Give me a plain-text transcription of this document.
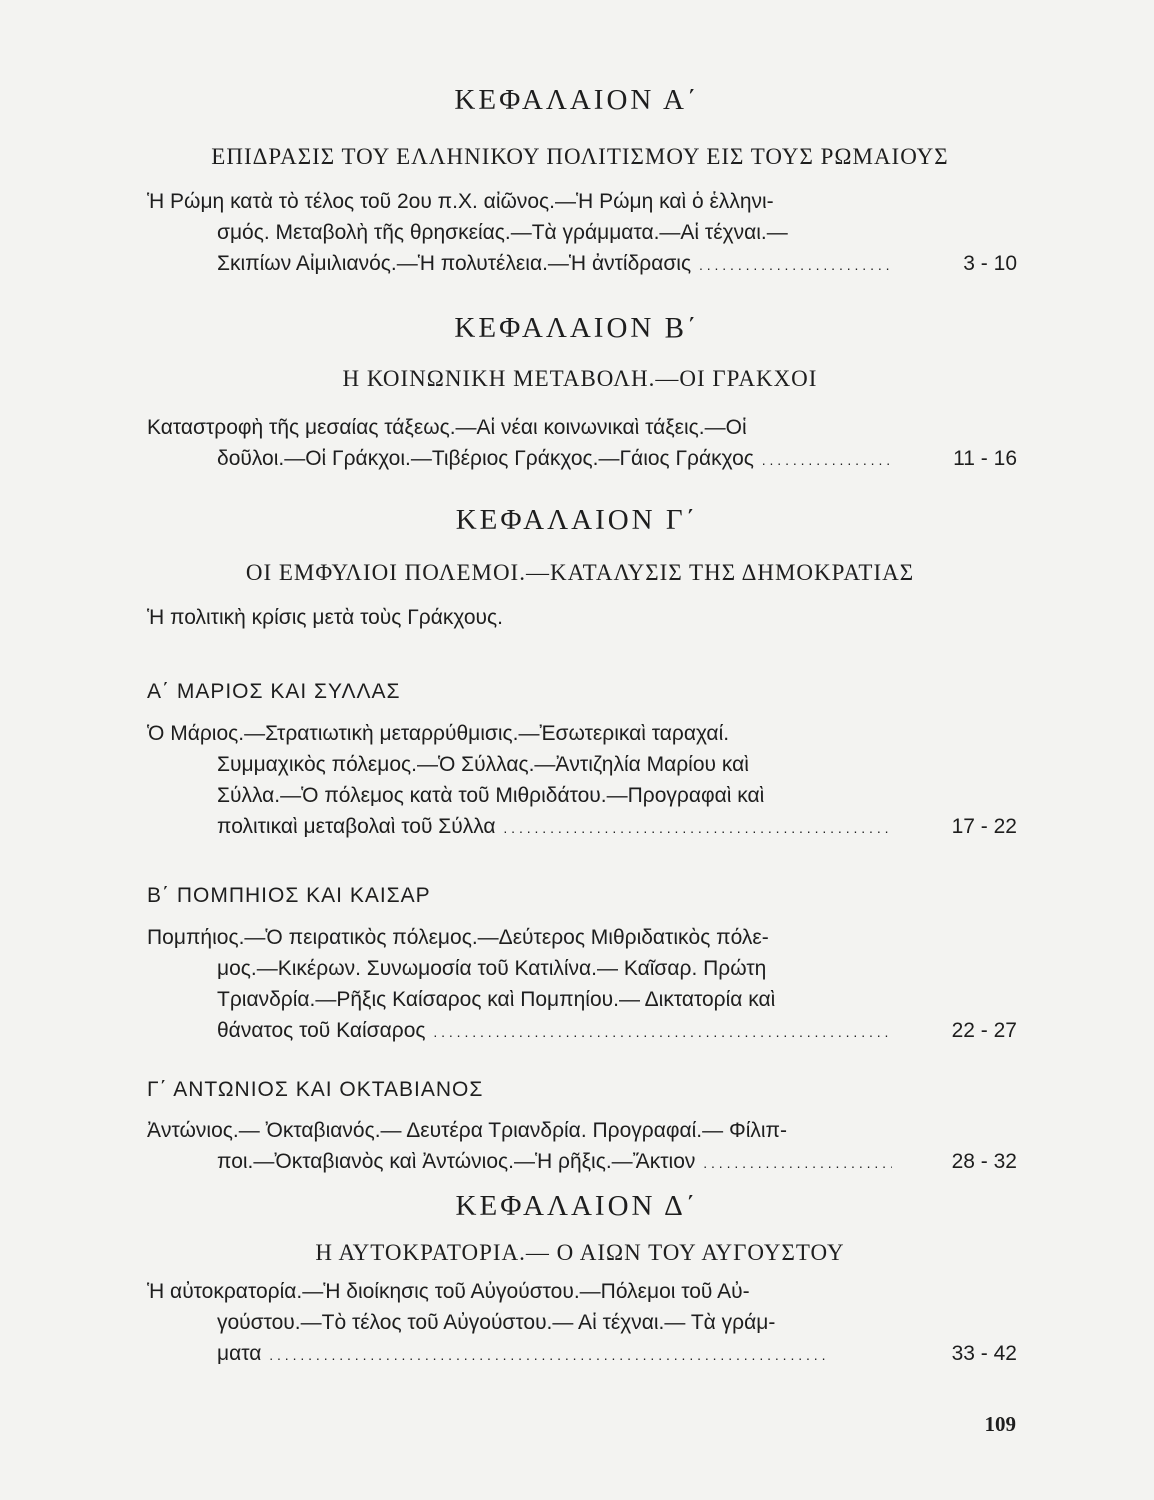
ΚΕΦΑΛΑΙΟΝ Α΄
ΕΠΙΔΡΑΣΙΣ ΤΟΥ ΕΛΛΗΝΙΚΟΥ ΠΟΛΙΤΙΣΜΟΥ ΕΙΣ ΤΟΥΣ ΡΩΜΑΙΟΥΣ
Ἡ Ρώμη κατὰ τὸ τέλος τοῦ 2ου π.Χ. αἰῶνος.—Ἡ Ρώμη καὶ ὁ ἑλληνι-
σμός. Μεταβολὴ τῆς θρησκείας.—Τὰ γράμματα.—Αἱ τέχναι.—
Σκιπίων Αἰμιλιανός.—Ἡ πολυτέλεια.—Ἡ ἀντίδρασις . . .	3 - 10
ΚΕΦΑΛΑΙΟΝ Β΄
Η ΚΟΙΝΩΝΙΚΗ ΜΕΤΑΒΟΛΗ.—ΟΙ ΓΡΑΚΧΟΙ
Καταστροφὴ τῆς μεσαίας τάξεως.—Αἱ νέαι κοινωνικαὶ τάξεις.—Οἱ
δοῦλοι.—Οἱ Γράκχοι.—Τιβέριος Γράκχος.—Γάιος Γράκχος . . .	11 - 16
ΚΕΦΑΛΑΙΟΝ Γ΄
ΟΙ ΕΜΦΥΛΙΟΙ ΠΟΛΕΜΟΙ.—ΚΑΤΑΛΥΣΙΣ ΤΗΣ ΔΗΜΟΚΡΑΤΙΑΣ
Ἡ πολιτικὴ κρίσις μετὰ τοὺς Γράκχους.
Α΄ ΜΑΡΙΟΣ ΚΑΙ ΣΥΛΛΑΣ
Ὁ Μάριος.—Στρατιωτικὴ μεταρρύθμισις.—Ἐσωτερικαὶ ταραχαί.
Συμμαχικὸς πόλεμος.—Ὁ Σύλλας.—Ἀντιζηλία Μαρίου καὶ
Σύλλα.—Ὁ πόλεμος κατὰ τοῦ Μιθριδάτου.—Προγραφαὶ καὶ
πολιτικαὶ μεταβολαὶ τοῦ Σύλλα . . .	17 - 22
Β΄ ΠΟΜΠΗΙΟΣ ΚΑΙ ΚΑΙΣΑΡ
Πομπήιος.—Ὁ πειρατικὸς πόλεμος.—Δεύτερος Μιθριδατικὸς πόλε-
μος.—Κικέρων. Συνωμοσία τοῦ Κατιλίνα.— Καῖσαρ. Πρώτη
Τριανδρία.—Ρῆξις Καίσαρος καὶ Πομπηίου.— Δικτατορία καὶ
θάνατος τοῦ Καίσαρος . . .	22 - 27
Γ΄ ΑΝΤΩΝΙΟΣ ΚΑΙ ΟΚΤΑΒΙΑΝΟΣ
Ἀντώνιος.— Ὀκταβιανός.— Δευτέρα Τριανδρία. Προγραφαί.— Φίλιπ-
ποι.—Ὀκταβιανὸς καὶ Ἀντώνιος.—Ἡ ρῆξις.—Ἄκτιον . . .	28 - 32
ΚΕΦΑΛΑΙΟΝ Δ΄
Η ΑΥΤΟΚΡΑΤΟΡΙΑ.— Ο ΑΙΩΝ ΤΟΥ ΑΥΓΟΥΣΤΟΥ
Ἡ αὐτοκρατορία.—Ἡ διοίκησις τοῦ Αὐγούστου.—Πόλεμοι τοῦ Αὐ-
γούστου.—Τὸ τέλος τοῦ Αὐγούστου.— Αἱ τέχναι.— Τὰ γράμ-
ματα . . .	33 - 42
109
